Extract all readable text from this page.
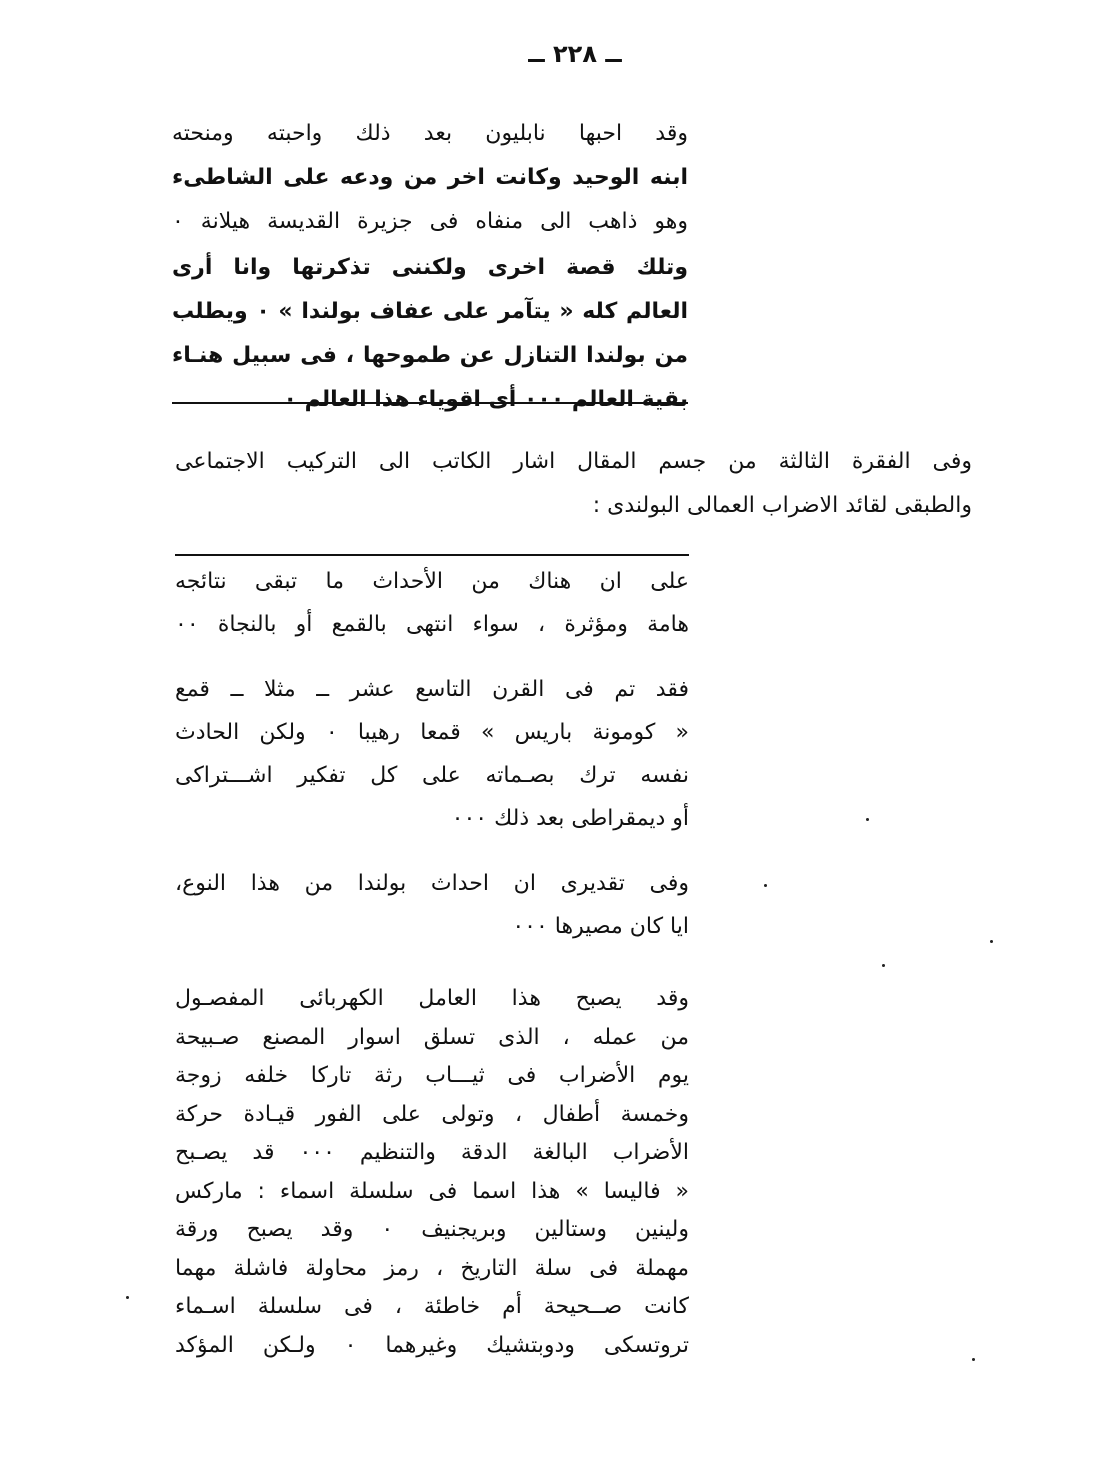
ــ ٢٢٨ ــ
وقد احبها نابليون بعد ذلك واحبته ومنحته
ابنه الوحيد وكانت اخر من ودعه على الشاطىء
وهو ذاهب الى منفاه فى جزيرة القديسة هيلانة ٠
وتلك قصة اخرى ولكننى تذكرتها وانا أرى
العالم كله « يتآمر على عفاف بولندا » ٠ ويطلب
من بولندا التنازل عن طموحها ، فى سبيل هنـاء
بقية العالم ٠٠٠ أى اقوياء هذا العالم ٠
وفى الفقرة الثالثة من جسم المقال اشار الكاتب الى التركيب الاجتماعى
والطبقى لقائد الاضراب العمالى البولندى :
على ان هناك من الأحداث ما تبقى نتائجه
هامة ومؤثرة ، سواء انتهى بالقمع أو بالنجاة ٠٠
فقد تم فى القرن التاسع عشر ــ مثلا ــ قمع
« كومونة باريس » قمعا رهيبا ٠ ولكن الحادث
نفسه ترك بصـماته على كل تفكير اشـــتراكى
أو ديمقراطى بعد ذلك ٠٠٠
وفى تقديرى ان احداث بولندا من هذا النوع،
ايا كان مصيرها ٠٠٠
وقد يصبح هذا العامل الكهربائى المفصـول
من عمله ، الذى تسلق اسوار المصنع صـبيحة
يوم الأضراب فى ثيـــاب رثة تاركا خلفه زوجة
وخمسة أطفال ، وتولى على الفور قيـادة حركة
الأضراب البالغة الدقة والتنظيم ٠٠٠ قد يصـبح
« فاليسا » هذا اسما فى سلسلة اسماء : ماركس
ولينين وستالين وبريجنيف ٠ وقد يصبح ورقة
مهملة فى سلة التاريخ ، رمز محاولة فاشلة مهما
كانت صــحيحة أم خاطئة ، فى سلسلة اسـماء
تروتسكى ودوبتشيك وغيرهما ٠ ولـكن المؤكد
